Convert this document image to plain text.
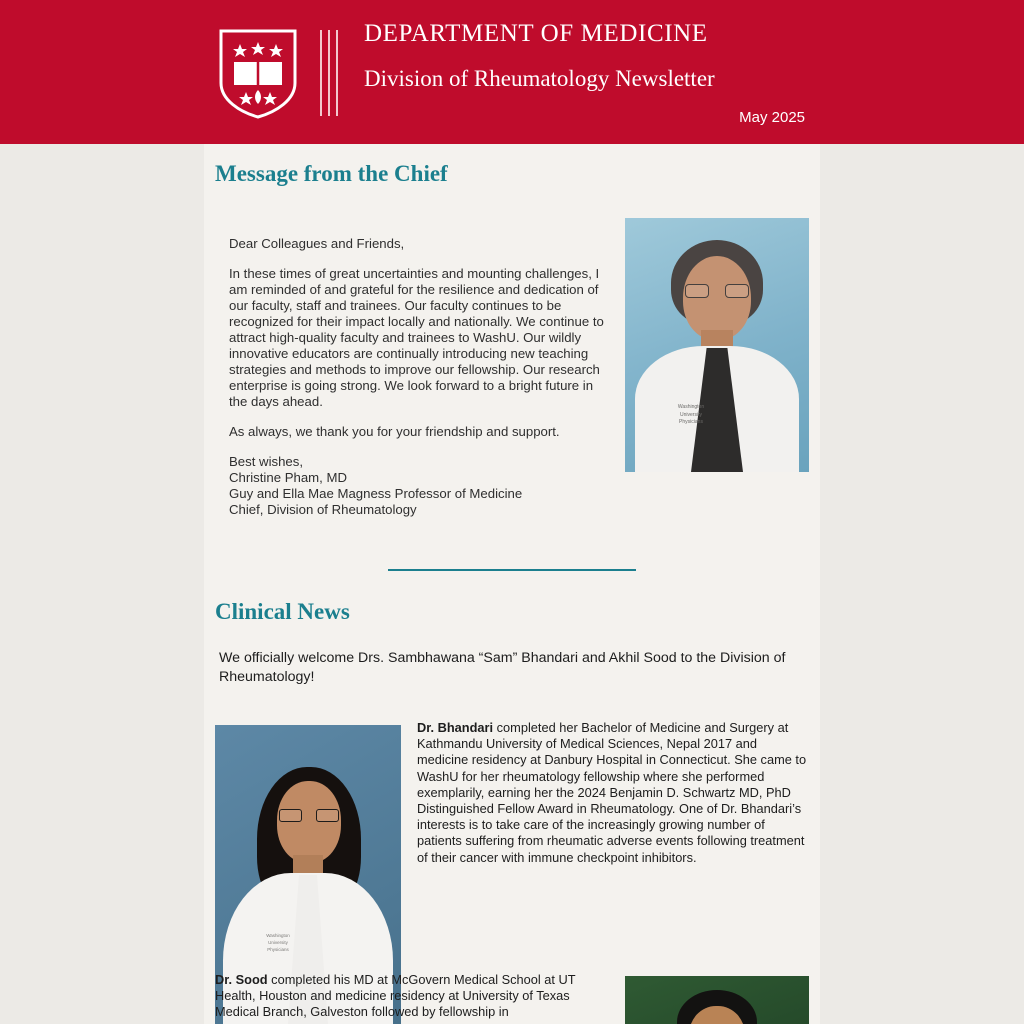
DEPARTMENT OF MEDICINE
Division of Rheumatology Newsletter
May 2025
Message from the Chief
Washington University Physicians

Dear Colleagues and Friends,

In these times of great uncertainties and mounting challenges, I am reminded of and grateful for the resilience and dedication of our faculty, staff and trainees. Our faculty continues to be recognized for their impact locally and nationally. We continue to attract high-quality faculty and trainees to WashU. Our wildly innovative educators are continually introducing new teaching strategies and methods to improve our fellowship. Our research enterprise is going strong. We look forward to a bright future in the days ahead.

As always, we thank you for your friendship and support.

Best wishes,
Christine Pham, MD
Guy and Ella Mae Magness Professor of Medicine
Chief, Division of Rheumatology

Clinical News
We officially welcome Drs. Sambhawana “Sam” Bhandari and Akhil Sood to the Division of Rheumatology!
Washington University Physicians
Dr. Bhandari completed her Bachelor of Medicine and Surgery at Kathmandu University of Medical Sciences, Nepal 2017 and medicine residency at Danbury Hospital in Connecticut. She came to WashU for her rheumatology fellowship where she performed exemplarily, earning her the 2024 Benjamin D. Schwartz MD, PhD Distinguished Fellow Award in Rheumatology. One of Dr. Bhandari’s interests is to take care of the increasingly growing number of patients suffering from rheumatic adverse events following treatment of their cancer with immune checkpoint inhibitors.
Dr. Sood completed his MD at McGovern Medical School at UT Health, Houston and medicine residency at University of Texas Medical Branch, Galveston followed by fellowship in
